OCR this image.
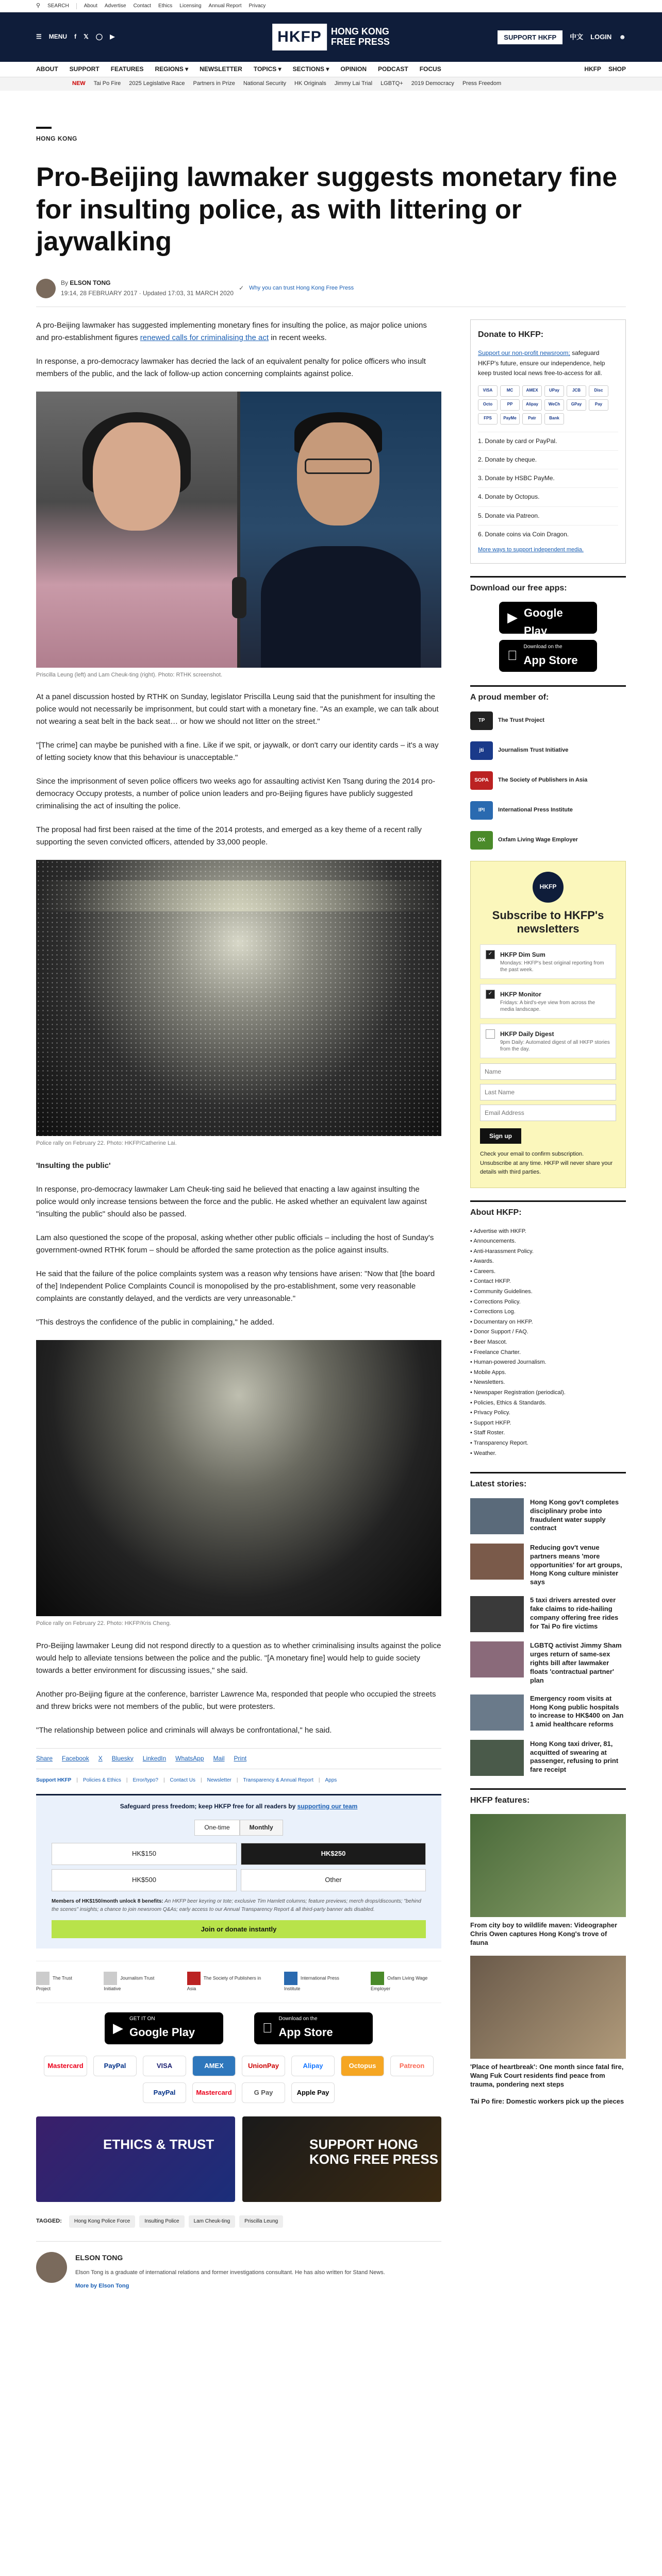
⚲ SEARCH	About Advertise Contact Ethics Licensing Annual Report Privacy
☰ MENU f 𝕏 ◯ ▶	HKFP	HONG KONG
FREE PRESS	SUPPORT HKFP	中文 LOGIN ☻
ABOUT SUPPORT FEATURES REGIONS ▾ NEWSLETTER TOPICS ▾ SECTIONS ▾ OPINION PODCAST FOCUS	HKFP SHOP
NEW Tai Po Fire 2025 Legislative Race Partners in Prize National Security HK Originals Jimmy Lai Trial LGBTQ+ 2019 Democracy Press Freedom
HONG KONG
Pro-Beijing lawmaker suggests monetary fine for insulting police, as with littering or jaywalking
By ELSON TONG
19:14, 28 FEBRUARY 2017 · Updated 17:03, 31 MARCH 2020
✓ Why you can trust Hong Kong Free Press

A pro-Beijing lawmaker has suggested implementing monetary fines for insulting the police, as major police unions and pro-establishment figures renewed calls for criminalising the act in recent weeks.

In response, a pro-democracy lawmaker has decried the lack of an equivalent penalty for police officers who insult members of the public, and the lack of follow-up action concerning complaints against police.

Priscilla Leung (left) and Lam Cheuk-ting (right). Photo: RTHK screenshot.

At a panel discussion hosted by RTHK on Sunday, legislator Priscilla Leung said that the punishment for insulting the police would not necessarily be imprisonment, but could start with a monetary fine. "As an example, we can talk about not wearing a seat belt in the back seat… or how we should not litter on the street."

"[The crime] can maybe be punished with a fine. Like if we spit, or jaywalk, or don't carry our identity cards – it's a way of letting society know that this behaviour is unacceptable."

Since the imprisonment of seven police officers two weeks ago for assaulting activist Ken Tsang during the 2014 pro-democracy Occupy protests, a number of police union leaders and pro-Beijing figures have publicly suggested criminalising the act of insulting the police.

The proposal had first been raised at the time of the 2014 protests, and emerged as a key theme of a recent rally supporting the seven convicted officers, attended by 33,000 people.

Police rally on February 22. Photo: HKFP/Catherine Lai.

'Insulting the public'

In response, pro-democracy lawmaker Lam Cheuk-ting said he believed that enacting a law against insulting the police would only increase tensions between the force and the public. He asked whether an equivalent law against "insulting the public" should also be passed.

Lam also questioned the scope of the proposal, asking whether other public officials – including the host of Sunday's government-owned RTHK forum – should be afforded the same protection as the police against insults.

He said that the failure of the police complaints system was a reason why tensions have arisen: "Now that [the board of the] Independent Police Complaints Council is monopolised by the pro-establishment, some very reasonable complaints are constantly delayed, and the verdicts are very unreasonable."

"This destroys the confidence of the public in complaining," he added.

Police rally on February 22. Photo: HKFP/Kris Cheng.

Pro-Beijing lawmaker Leung did not respond directly to a question as to whether criminalising insults against the police would help to alleviate tensions between the police and the public. "[A monetary fine] would help to guide society towards a better environment for discussing issues," she said.

Another pro-Beijing figure at the conference, barrister Lawrence Ma, responded that people who occupied the streets and threw bricks were not members of the public, but were protesters.

"The relationship between police and criminals will always be confrontational," he said.

Share Facebook X Bluesky LinkedIn WhatsApp Mail Print
Support HKFP | Policies & Ethics | Error/typo? | Contact Us | Newsletter | Transparency & Annual Report | Apps
Safeguard press freedom; keep HKFP free for all readers by supporting our team
One-time	Monthly
HK$150	HK$250
HK$500	Other
Members of HK$150/month unlock 8 benefits: An HKFP beer keyring or tote; exclusive Tim Hamlett columns; feature previews; merch drops/discounts; "behind the scenes" insights; a chance to join newsroom Q&As; early access to our Annual Transparency Report & all third-party banner ads disabled.
Join or donate instantly
The Trust Project
Journalism Trust Initiative
The Society of Publishers in Asia
International Press Institute
Oxfam Living Wage Employer
▶
GET IT ON
Google Play
Download on the
App Store
Mastercard	PayPal	VISA	AMEX	UnionPay	Alipay	Octopus	Patreon
PayPal	Mastercard	G Pay	Apple Pay
ETHICS & TRUST	SUPPORT HONG KONG FREE PRESS
TAGGED:	Hong Kong Police Force	Insulting Police	Lam Cheuk-ting	Priscilla Leung
ELSON TONG
Elson Tong is a graduate of international relations and former investigations consultant. He has also written for Stand News.
More by Elson Tong
Donate to HKFP:
Support our non-profit newsroom; safeguard HKFP's future, ensure our independence, help keep trusted local news free-to-access for all.
VISA	MC	AMEX	UPay	JCB	Disc
Octo	PP	Alipay	WeCh	GPay	Pay
FPS	PayMe	Patr	Bank
1. Donate by card or PayPal.
2. Donate by cheque.
3. Donate by HSBC PayMe.
4. Donate by Octopus.
5. Donate via Patreon.
6. Donate coins via Coin Dragon.
More ways to support independent media.
Download our free apps:
▶
GET IT ON
Google Play
Download on the
App Store
A proud member of:
TP	The Trust Project
jti	Journalism Trust Initiative
SOPA	The Society of Publishers in Asia
IPI	International Press Institute
OX	Oxfam Living Wage Employer
HKFP
Subscribe to HKFP's newsletters
✓	HKFP Dim Sum
Mondays: HKFP's best original reporting from the past week.
✓	HKFP Monitor
Fridays: A bird's-eye view from across the media landscape.
HKFP Daily Digest
9pm Daily: Automated digest of all HKFP stories from the day.
Name
Last Name
Email Address Sign up
Check your email to confirm subscription. Unsubscribe at any time. HKFP will never share your details with third parties.
About HKFP:
• Advertise with HKFP.
• Announcements.
• Anti-Harassment Policy.
• Awards.
• Careers.
• Contact HKFP.
• Community Guidelines.
• Corrections Policy.
• Corrections Log.
• Documentary on HKFP.
• Donor Support / FAQ.
• Beer Mascot.
• Freelance Charter.
• Human-powered Journalism.
• Mobile Apps.
• Newsletters.
• Newspaper Registration (periodical).
• Policies, Ethics & Standards.
• Privacy Policy.
• Support HKFP.
• Staff Roster.
• Transparency Report.
• Weather.
Latest stories:
Hong Kong gov't completes disciplinary probe into fraudulent water supply contract
Reducing gov't venue partners means 'more opportunities' for art groups, Hong Kong culture minister says
5 taxi drivers arrested over fake claims to ride-hailing company offering free rides for Tai Po fire victims
LGBTQ activist Jimmy Sham urges return of same-sex rights bill after lawmaker floats 'contractual partner' plan
Emergency room visits at Hong Kong public hospitals to increase to HK$400 on Jan 1 amid healthcare reforms
Hong Kong taxi driver, 81, acquitted of swearing at passenger, refusing to print fare receipt
HKFP features:
From city boy to wildlife maven: Videographer Chris Owen captures Hong Kong's trove of fauna
'Place of heartbreak': One month since fatal fire, Wang Fuk Court residents find peace from trauma, pondering next steps
Tai Po fire: Domestic workers pick up the pieces
